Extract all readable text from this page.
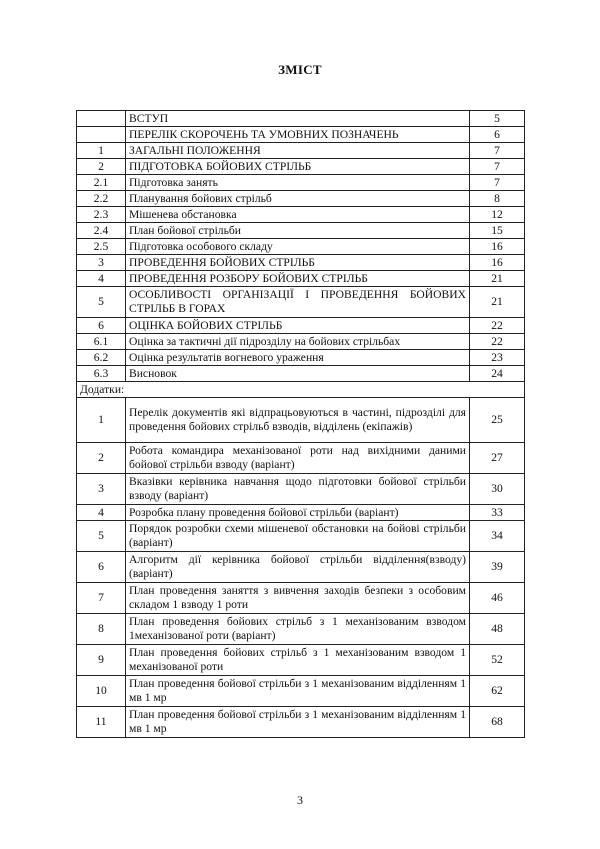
ЗМІСТ
	ВСТУП	5
	ПЕРЕЛІК СКОРОЧЕНЬ ТА УМОВНИХ ПОЗНАЧЕНЬ	6
1	ЗАГАЛЬНІ ПОЛОЖЕННЯ	7
2	ПІДГОТОВКА БОЙОВИХ СТРІЛЬБ	7
2.1	Підготовка занять	7
2.2	Планування бойових стрільб	8
2.3	Мішенева обстановка	12
2.4	План бойової стрільби	15
2.5	Підготовка особового складу	16
3	ПРОВЕДЕННЯ БОЙОВИХ СТРІЛЬБ	16
4	ПРОВЕДЕННЯ РОЗБОРУ БОЙОВИХ СТРІЛЬБ	21
5	ОСОБЛИВОСТІ ОРГАНІЗАЦІЇ І ПРОВЕДЕННЯ БОЙОВИХ СТРІЛЬБ В ГОРАХ	21
6	ОЦІНКА БОЙОВИХ СТРІЛЬБ	22
6.1	Оцінка за тактичні дії підрозділу на бойових стрільбах	22
6.2	Оцінка результатів вогневого ураження	23
6.3	Висновок	24
Додатки:		
1	Перелік документів які відпрацьовуються в частині, підрозділі для проведення бойових стрільб взводів, відділень (екіпажів)	25
2	Робота командира механізованої роти над вихідними даними бойової стрільби взводу (варіант)	27
3	Вказівки керівника навчання щодо підготовки бойової стрільби взводу (варіант)	30
4	Розробка плану проведення бойової стрільби (варіант)	33
5	Порядок розробки схеми мішеневої обстановки на бойові стрільби (варіант)	34
6	Алгоритм дії керівника бойової стрільби відділення(взводу) (варіант)	39
7	План проведення заняття з вивчення заходів безпеки з особовим складом 1 взводу 1 роти	46
8	План проведення бойових стрільб з 1 механізованим взводом 1механізованої роти (варіант)	48
9	План проведення бойових стрільб з 1 механізованим взводом 1 механізованої роти	52
10	План проведення бойової стрільби з 1 механізованим відділенням 1 мв 1 мр	62
11	План проведення бойової стрільби з 1 механізованим відділенням 1 мв 1 мр	68
3
